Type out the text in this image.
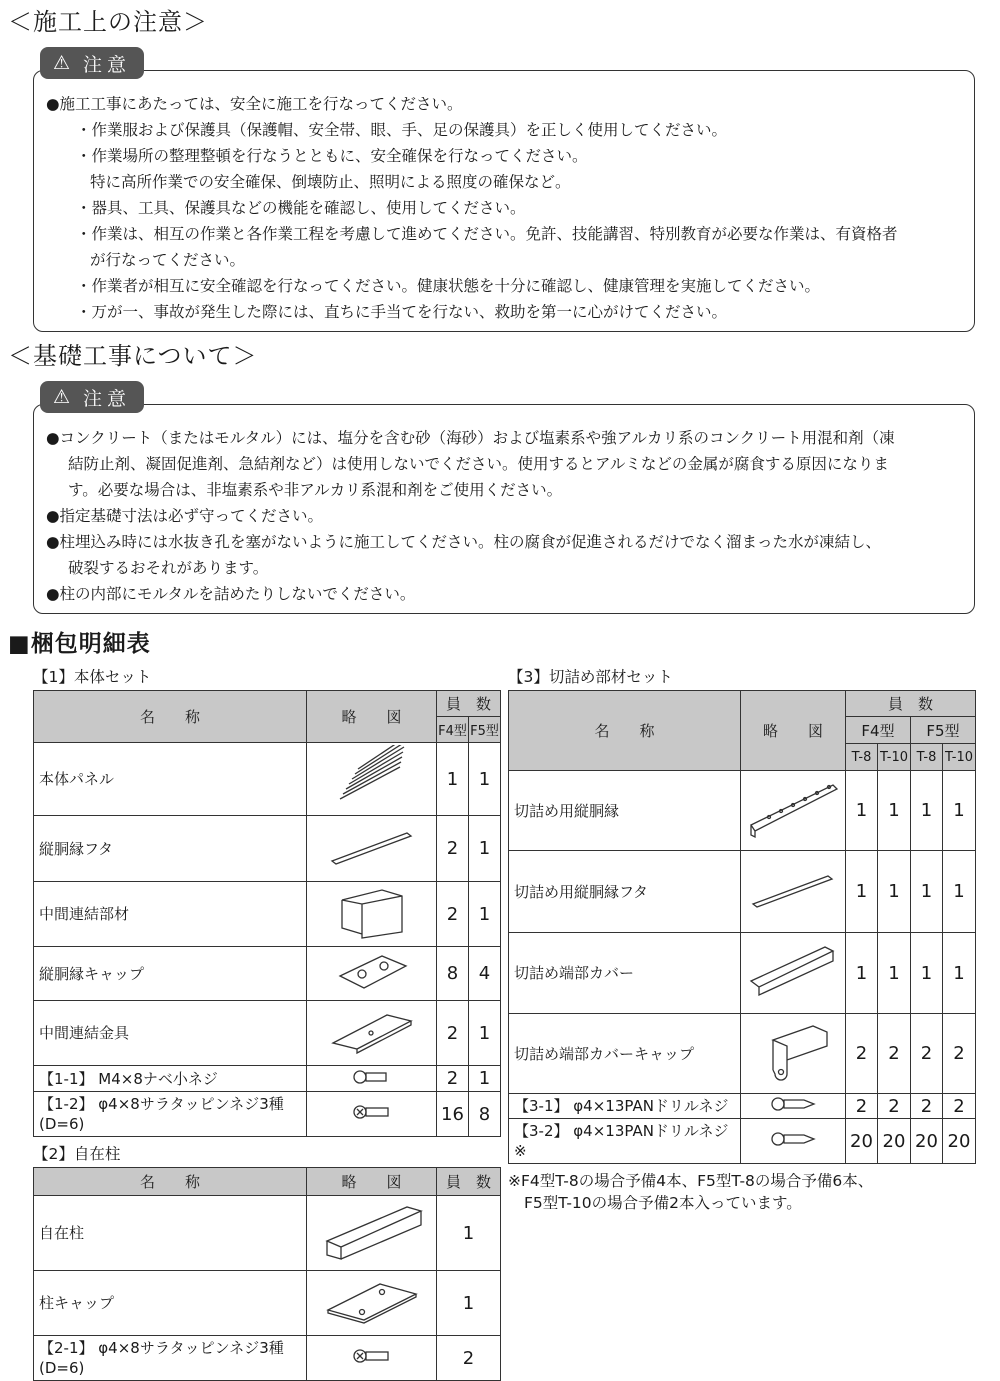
＜施工上の注意＞
●施工工事にあたっては、安全に施工を行なってください。
・作業服および保護具（保護帽、安全帯、眼、手、足の保護具）を正しく使用してください。
・作業場所の整理整頓を行なうとともに、安全確保を行なってください。
特に高所作業での安全確保、倒壊防止、照明による照度の確保など。
・器具、工具、保護具などの機能を確認し、使用してください。
・作業は、相互の作業と各作業工程を考慮して進めてください。免許、技能講習、特別教育が必要な作業は、有資格者
が行なってください。
・作業者が相互に安全確認を行なってください。健康状態を十分に確認し、健康管理を実施してください。
・万が一、事故が発生した際には、直ちに手当てを行ない、救助を第一に心がけてください。
⚠ 注意
＜基礎工事について＞
●コンクリート（またはモルタル）には、塩分を含む砂（海砂）および塩素系や強アルカリ系のコンクリート用混和剤（凍
結防止剤、凝固促進剤、急結剤など）は使用しないでください。使用するとアルミなどの金属が腐食する原因になりま
す。必要な場合は、非塩素系や非アルカリ系混和剤をご使用ください。
●指定基礎寸法は必ず守ってください。
●柱埋込み時には水抜き孔を塞がないように施工してください。柱の腐食が促進されるだけでなく溜まった水が凍結し、
破裂するおそれがあります。
●柱の内部にモルタルを詰めたりしないでください。
⚠ 注意
■梱包明細表
【1】本体セット
名　　称	略　　図	員　数	
		F4型	F5型
本体パネル		1	1
縦胴縁フタ		2	1
中間連結部材		2	1
縦胴縁キャップ		8	4
中間連結金具		2	1
【1-1】 M4×8ナベ小ネジ		2	1
【1-2】 φ4×8サラタッピンネジ3種(D=6)		16	8
【2】自在柱
名　　称	略　　図	員　数
自在柱		1
柱キャップ		1
【2-1】 φ4×8サラタッピンネジ3種(D=6)		2
【3】切詰め部材セット
名　　称	略　　図	員　数			
		F4型		F5型	
		T-8	T-10	T-8	T-10
切詰め用縦胴縁		1	1	1	1
切詰め用縦胴縁フタ		1	1	1	1
切詰め端部カバー		1	1	1	1
切詰め端部カバーキャップ		2	2	2	2
【3-1】 φ4×13PANドリルネジ		2	2	2	2
【3-2】 φ4×13PANドリルネジ※		20	20	20	20
※F4型T-8の場合予備4本、F5型T-8の場合予備6本、
F5型T-10の場合予備2本入っています。
